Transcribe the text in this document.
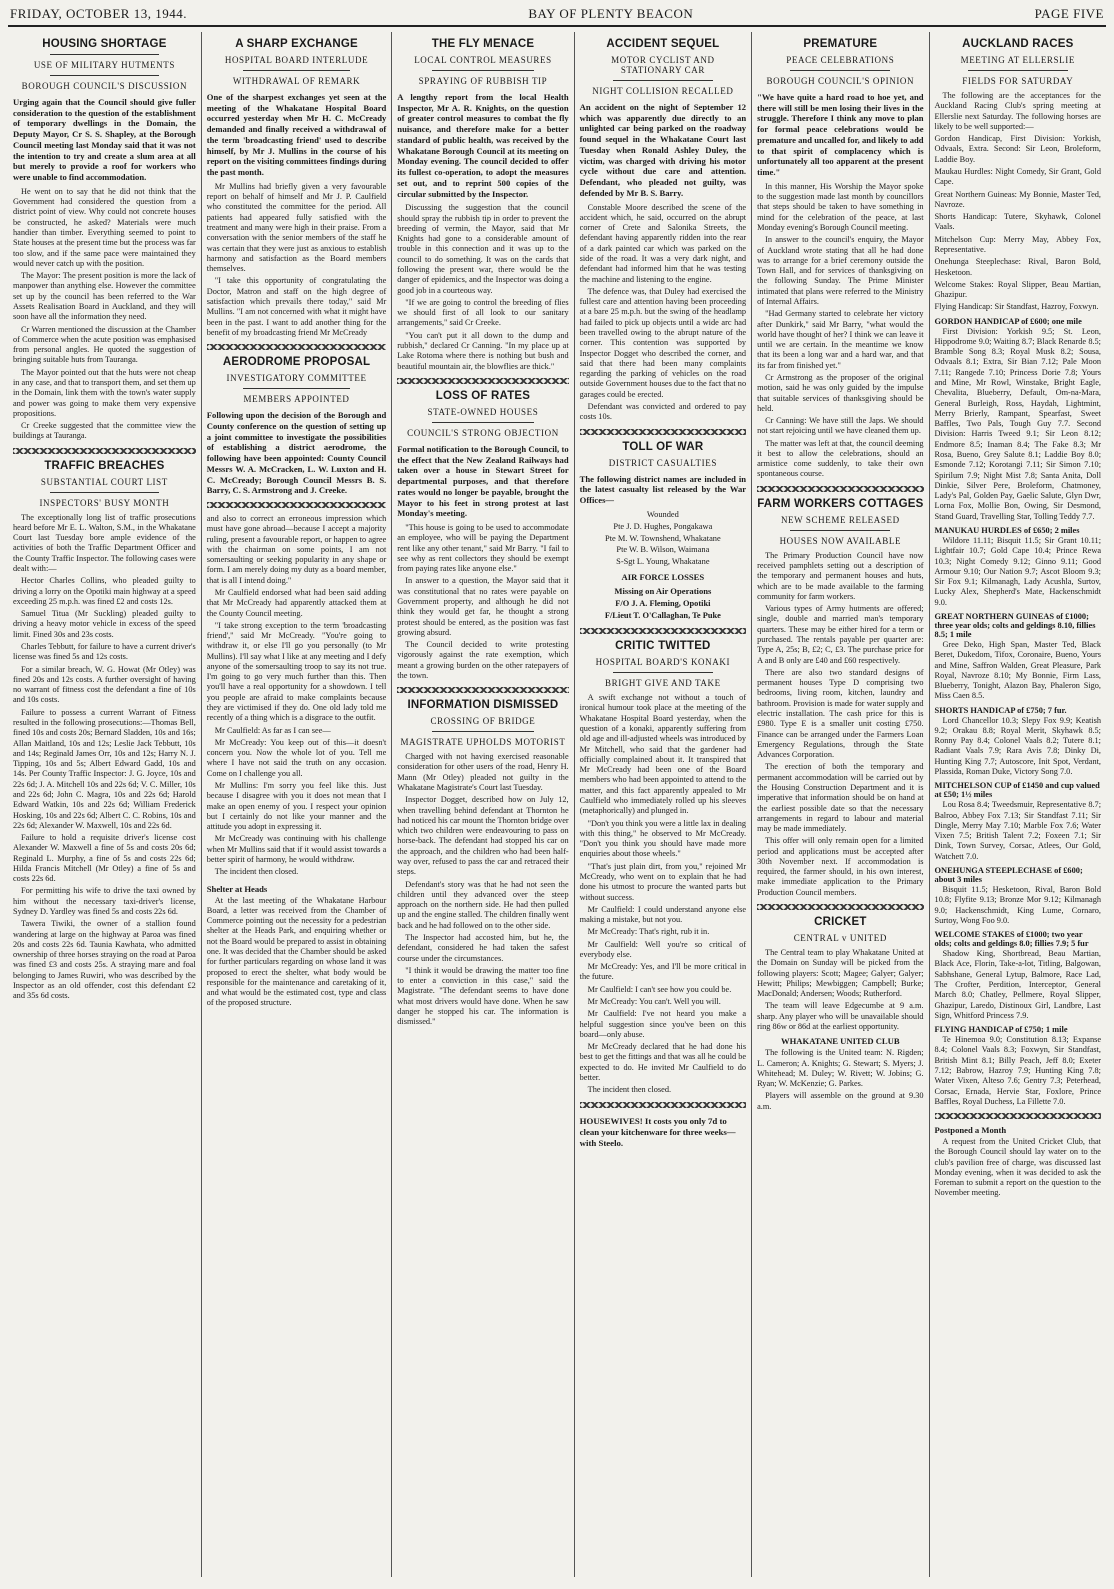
FRIDAY, OCTOBER 13, 1944.	BAY OF PLENTY BEACON	PAGE FIVE
HOUSING SHORTAGE
USE OF MILITARY HUTMENTS
BOROUGH COUNCIL'S DISCUSSION
Urging again that the Council should give fuller consideration to the question of the establishment of temporary dwellings in the Domain, the Deputy Mayor, Cr S. S. Shapley, at the Borough Council meeting last Monday said that it was not the intention to try and create a slum area at all but merely to provide a roof for workers who were unable to find accommodation.

He went on to say that he did not think that the Government had considered the question from a district point of view. Why could not concrete houses be constructed, he asked? Materials were much handier than timber. Everything seemed to point to State houses at the present time but the process was far too slow, and if the same pace were maintained they would never catch up with the position.

The Mayor: The present position is more the lack of manpower than anything else. However the committee set up by the council has been referred to the War Assets Realisation Board in Auckland, and they will soon have all the information they need.

Cr Warren mentioned the discussion at the Chamber of Commerce when the acute position was emphasised from personal angles. He quoted the suggestion of bringing suitable huts from Tauranga.

The Mayor pointed out that the huts were not cheap in any case, and that to transport them, and set them up in the Domain, link them with the town's water supply and power was going to make them very expensive propositions.

Cr Creeke suggested that the committee view the buildings at Tauranga.

TRAFFIC BREACHES
SUBSTANTIAL COURT LIST
INSPECTORS' BUSY MONTH

The exceptionally long list of traffic prosecutions heard before Mr E. L. Walton, S.M., in the Whakatane Court last Tuesday bore ample evidence of the activities of both the Traffic Department Officer and the County Traffic Inspector. The following cases were dealt with:—

Hector Charles Collins, who pleaded guilty to driving a lorry on the Opotiki main highway at a speed exceeding 25 m.p.h. was fined £2 and costs 12s.

Samuel Titua (Mr Suckling) pleaded guilty to driving a heavy motor vehicle in excess of the speed limit. Fined 30s and 23s costs.

Charles Tebbutt, for failure to have a current driver's license was fined 5s and 12s costs.

For a similar breach, W. G. Howat (Mr Otley) was fined 20s and 12s costs. A further oversight of having no warrant of fitness cost the defendant a fine of 10s and 10s costs.

Failure to possess a current Warrant of Fitness resulted in the following prosecutions:—Thomas Bell, fined 10s and costs 20s; Bernard Sladden, 10s and 16s; Allan Maitland, 10s and 12s; Leslie Jack Tebbutt, 10s and 14s; Reginald James Orr, 10s and 12s; Harry N. J. Tipping, 10s and 5s; Albert Edward Gadd, 10s and 14s. Per County Traffic Inspector: J. G. Joyce, 10s and 22s 6d; J. A. Mitchell 10s and 22s 6d; V. C. Miller, 10s and 22s 6d; John C. Magra, 10s and 22s 6d; Harold Edward Watkin, 10s and 22s 6d; William Frederick Hosking, 10s and 22s 6d; Albert C. C. Robins, 10s and 22s 6d; Alexander W. Maxwell, 10s and 22s 6d.

Failure to hold a requisite driver's license cost Alexander W. Maxwell a fine of 5s and costs 20s 6d; Reginald L. Murphy, a fine of 5s and costs 22s 6d; Hilda Francis Mitchell (Mr Otley) a fine of 5s and costs 22s 6d.

For permitting his wife to drive the taxi owned by him without the necessary taxi-driver's license, Sydney D. Yardley was fined 5s and costs 22s 6d.

Tawera Tiwiki, the owner of a stallion found wandering at large on the highway at Paroa was fined 20s and costs 22s 6d. Taunia Kawhata, who admitted ownership of three horses straying on the road at Paroa was fined £3 and costs 25s. A straying mare and foal belonging to James Ruwiri, who was described by the Inspector as an old offender, cost this defendant £2 and 35s 6d costs.

A SHARP EXCHANGE
HOSPITAL BOARD INTERLUDE
WITHDRAWAL OF REMARK
One of the sharpest exchanges yet seen at the meeting of the Whakatane Hospital Board occurred yesterday when Mr H. C. McCready demanded and finally received a withdrawal of the term 'broadcasting friend' used to describe himself, by Mr J. Mullins in the course of his report on the visiting committees findings during the past month.

Mr Mullins had briefly given a very favourable report on behalf of himself and Mr J. P. Caulfield who constituted the committee for the period. All patients had appeared fully satisfied with the treatment and many were high in their praise. From a conversation with the senior members of the staff he was certain that they were just as anxious to establish harmony and satisfaction as the Board members themselves.

"I take this opportunity of congratulating the Doctor, Matron and staff on the high degree of satisfaction which prevails there today," said Mr Mullins. "I am not concerned with what it might have been in the past. I want to add another thing for the benefit of my broadcasting friend Mr McCready

AERODROME PROPOSAL
INVESTIGATORY COMMITTEE
MEMBERS APPOINTED
Following upon the decision of the Borough and County conference on the question of setting up a joint committee to investigate the possibilities of establishing a district aerodrome, the following have been appointed: County Council Messrs W. A. McCracken, L. W. Luxton and H. C. McCready; Borough Council Messrs B. S. Barry, C. S. Armstrong and J. Creeke.

and also to correct an erroneous impression which must have gone abroad—because I accept a majority ruling, present a favourable report, or happen to agree with the chairman on some points, I am not somersaulting or seeking popularity in any shape or form. I am merely doing my duty as a board member, that is all I intend doing."

Mr Caulfield endorsed what had been said adding that Mr McCready had apparently attacked them at the County Council meeting.

"I take strong exception to the term 'broadcasting friend'," said Mr McCready. "You're going to withdraw it, or else I'll go you personally (to Mr Mullins). I'll say what I like at any meeting and I defy anyone of the somersaulting troop to say its not true. I'm going to go very much further than this. Then you'll have a real opportunity for a showdown. I tell you people are afraid to make complaints because they are victimised if they do. One old lady told me recently of a thing which is a disgrace to the outfit.

Mr Caulfield: As far as I can see—

Mr McCready: You keep out of this—it doesn't concern you. Now the whole lot of you. Tell me where I have not said the truth on any occasion. Come on I challenge you all.

Mr Mullins: I'm sorry you feel like this. Just because I disagree with you it does not mean that I make an open enemy of you. I respect your opinion but I certainly do not like your manner and the attitude you adopt in expressing it.

Mr McCready was continuing with his challenge when Mr Mullins said that if it would assist towards a better spirit of harmony, he would withdraw.

The incident then closed.

Shelter at Heads

At the last meeting of the Whakatane Harbour Board, a letter was received from the Chamber of Commerce pointing out the necessity for a pedestrian shelter at the Heads Park, and enquiring whether or not the Board would be prepared to assist in obtaining one. It was decided that the Chamber should be asked for further particulars regarding on whose land it was proposed to erect the shelter, what body would be responsible for the maintenance and caretaking of it, and what would be the estimated cost, type and class of the proposed structure.

THE FLY MENACE
LOCAL CONTROL MEASURES
SPRAYING OF RUBBISH TIP
A lengthy report from the local Health Inspector, Mr A. R. Knights, on the question of greater control measures to combat the fly nuisance, and therefore make for a better standard of public health, was received by the Whakatane Borough Council at its meeting on Monday evening. The council decided to offer its fullest co-operation, to adopt the measures set out, and to reprint 500 copies of the circular submitted by the Inspector.

Discussing the suggestion that the council should spray the rubbish tip in order to prevent the breeding of vermin, the Mayor, said that Mr Knights had gone to a considerable amount of trouble in this connection and it was up to the council to do something. It was on the cards that following the present war, there would be the danger of epidemics, and the Inspector was doing a good job in a courteous way.

"If we are going to control the breeding of flies we should first of all look to our sanitary arrangements," said Cr Creeke.

"You can't put it all down to the dump and rubbish," declared Cr Canning. "In my place up at Lake Rotoma where there is nothing but bush and beautiful mountain air, the blowflies are thick."

LOSS OF RATES
STATE-OWNED HOUSES
COUNCIL'S STRONG OBJECTION
Formal notification to the Borough Council, to the effect that the New Zealand Railways had taken over a house in Stewart Street for departmental purposes, and that therefore rates would no longer be payable, brought the Mayor to his feet in strong protest at last Monday's meeting.

"This house is going to be used to accommodate an employee, who will be paying the Department rent like any other tenant," said Mr Barry. "I fail to see why as rent collectors they should be exempt from paying rates like anyone else."

In answer to a question, the Mayor said that it was constitutional that no rates were payable on Government property, and although he did not think they would get far, he thought a strong protest should be entered, as the position was fast growing absurd.

The Council decided to write protesting vigorously against the rate exemption, which meant a growing burden on the other ratepayers of the town.

INFORMATION DISMISSED
CROSSING OF BRIDGE
MAGISTRATE UPHOLDS MOTORIST

Charged with not having exercised reasonable consideration for other users of the road, Henry H. Mann (Mr Otley) pleaded not guilty in the Whakatane Magistrate's Court last Tuesday.

Inspector Dogget, described how on July 12, when travelling behind defendant at Thornton he had noticed his car mount the Thornton bridge over which two children were endeavouring to pass on horse-back. The defendant had stopped his car on the approach, and the children who had been half-way over, refused to pass the car and retraced their steps.

Defendant's story was that he had not seen the children until they advanced over the steep approach on the northern side. He had then pulled up and the engine stalled. The children finally went back and he had followed on to the other side.

The Inspector had accosted him, but he, the defendant, considered he had taken the safest course under the circumstances.

"I think it would be drawing the matter too fine to enter a conviction in this case," said the Magistrate. "The defendant seems to have done what most drivers would have done. When he saw danger he stopped his car. The information is dismissed."

ACCIDENT SEQUEL
MOTOR CYCLIST AND STATIONARY CAR
NIGHT COLLISION RECALLED
An accident on the night of September 12 which was apparently due directly to an unlighted car being parked on the roadway found sequel in the Whakatane Court last Tuesday when Ronald Ashley Duley, the victim, was charged with driving his motor cycle without due care and attention. Defendant, who pleaded not guilty, was defended by Mr B. S. Barry.

Constable Moore described the scene of the accident which, he said, occurred on the abrupt corner of Crete and Salonika Streets, the defendant having apparently ridden into the rear of a dark painted car which was parked on the side of the road. It was a very dark night, and defendant had informed him that he was testing the machine and listening to the engine.

The defence was, that Duley had exercised the fullest care and attention having been proceeding at a bare 25 m.p.h. but the swing of the headlamp had failed to pick up objects until a wide arc had been travelled owing to the abrupt nature of the corner. This contention was supported by Inspector Dogget who described the corner, and said that there had been many complaints regarding the parking of vehicles on the road outside Government houses due to the fact that no garages could be erected.

Defendant was convicted and ordered to pay costs 10s.

TOLL OF WAR
DISTRICT CASUALTIES
The following district names are included in the latest casualty list released by the War Offices—
Wounded
Pte J. D. Hughes, Pongakawa
Pte M. W. Townshend, Whakatane
Pte W. B. Wilson, Waimana
S-Sgt L. Young, Whakatane
AIR FORCE LOSSES
Missing on Air Operations
F/O J. A. Fleming, Opotiki
F/Lieut T. O'Callaghan, Te Puke
CRITIC TWITTED
HOSPITAL BOARD'S KONAKI
BRIGHT GIVE AND TAKE

A swift exchange not without a touch of ironical humour took place at the meeting of the Whakatane Hospital Board yesterday, when the question of a konaki, apparently suffering from old age and ill-adjusted wheels was introduced by Mr Mitchell, who said that the gardener had officially complained about it. It transpired that Mr McCready had been one of the Board members who had been appointed to attend to the matter, and this fact apparently appealed to Mr Caulfield who immediately rolled up his sleeves (metaphorically) and plunged in.

"Don't you think you were a little lax in dealing with this thing," he observed to Mr McCready. "Don't you think you should have made more enquiries about those wheels."

"That's just plain dirt, from you," rejoined Mr McCready, who went on to explain that he had done his utmost to procure the wanted parts but without success.

Mr Caulfield: I could understand anyone else making a mistake, but not you.

Mr McCready: That's right, rub it in.

Mr Caulfield: Well you're so critical of everybody else.

Mr McCready: Yes, and I'll be more critical in the future.

Mr Caulfield: I can't see how you could be.

Mr McCready: You can't. Well you will.

Mr Caulfield: I've not heard you make a helpful suggestion since you've been on this board—only abuse.

Mr McCready declared that he had done his best to get the fittings and that was all he could be expected to do. He invited Mr Caulfield to do better.

The incident then closed.

HOUSEWIVES! It costs you only 7d to clean your kitchenware for three weeks—with Steelo.
PREMATURE
PEACE CELEBRATIONS
BOROUGH COUNCIL'S OPINION
"We have quite a hard road to hoe yet, and there will still be men losing their lives in the struggle. Therefore I think any move to plan for formal peace celebrations would be premature and uncalled for, and likely to add to that spirit of complacency which is unfortunately all too apparent at the present time."

In this manner, His Worship the Mayor spoke to the suggestion made last month by councillors that steps should be taken to have something in mind for the celebration of the peace, at last Monday evening's Borough Council meeting.

In answer to the council's enquiry, the Mayor of Auckland wrote stating that all he had done was to arrange for a brief ceremony outside the Town Hall, and for services of thanksgiving on the following Sunday. The Prime Minister intimated that plans were referred to the Ministry of Internal Affairs.

"Had Germany started to celebrate her victory after Dunkirk," said Mr Barry, "what would the world have thought of her? I think we can leave it until we are certain. In the meantime we know that its been a long war and a hard war, and that its far from finished yet."

Cr Armstrong as the proposer of the original motion, said he was only guided by the impulse that suitable services of thanksgiving should be held.

Cr Canning: We have still the Japs. We should not start rejoicing until we have cleaned them up.

The matter was left at that, the council deeming it best to allow the celebrations, should an armistice come suddenly, to take their own spontaneous course.

FARM WORKERS COTTAGES
NEW SCHEME RELEASED
HOUSES NOW AVAILABLE

The Primary Production Council have now received pamphlets setting out a description of the temporary and permanent houses and huts, which are to be made available to the farming community for farm workers.

Various types of Army hutments are offered; single, double and married man's temporary quarters. These may be either hired for a term or purchased. The rentals payable per quarter are: Type A, 25s; B, £2; C, £3. The purchase price for A and B only are £40 and £60 respectively.

There are also two standard designs of permanent houses Type D comprising two bedrooms, living room, kitchen, laundry and bathroom. Provision is made for water supply and electric installation. The cash price for this is £980. Type E is a smaller unit costing £750. Finance can be arranged under the Farmers Loan Emergency Regulations, through the State Advances Corporation.

The erection of both the temporary and permanent accommodation will be carried out by the Housing Construction Department and it is imperative that information should be on hand at the earliest possible date so that the necessary arrangements in regard to labour and material may be made immediately.

This offer will only remain open for a limited period and applications must be accepted after 30th November next. If accommodation is required, the farmer should, in his own interest, make immediate application to the Primary Production Council members.

CRICKET
CENTRAL v UNITED

The Central team to play Whakatane United at the Domain on Sunday will be picked from the following players: Scott; Magee; Galyer; Galyer; Hewitt; Philips; Mewbiggen; Campbell; Burke; MacDonald; Andersen; Woods; Rutherford.

The team will leave Edgecumbe at 9 a.m. sharp. Any player who will be unavailable should ring 86w or 86d at the earliest opportunity.

WHAKATANE UNITED CLUB

The following is the United team: N. Rigden; L. Cameron; A. Knights; G. Stewart; S. Myers; J. Whitehead; M. Duley; W. Rivett; W. Jobins; G. Ryan; W. McKenzie; G. Parkes.

Players will assemble on the ground at 9.30 a.m.

AUCKLAND RACES
MEETING AT ELLERSLIE
FIELDS FOR SATURDAY

The following are the acceptances for the Auckland Racing Club's spring meeting at Ellerslie next Saturday. The following horses are likely to be well supported:—

Gordon Handicap, First Division: Yorkish, Odvaals, Extra. Second: Sir Leon, Broleform, Laddie Boy.

Maukau Hurdles: Night Comedy, Sir Grant, Gold Cape.

Great Northern Guineas: My Bonnie, Master Ted, Navroze.

Shorts Handicap: Tutere, Skyhawk, Colonel Vaals.

Mitchelson Cup: Merry May, Abbey Fox, Representative.

Onehunga Steeplechase: Rival, Baron Bold, Hesketoon.

Welcome Stakes: Royal Slipper, Beau Martian, Ghazipur.

Flying Handicap: Sir Standfast, Hazroy, Foxwyn.

GORDON HANDICAP of £600; one mile

First Division: Yorkish 9.5; St. Leon, Hippodrome 9.0; Waiting 8.7; Black Renarde 8.5; Bramble Song 8.3; Royal Musk 8.2; Sousa, Odvaals 8.1; Extra, Sir Bian 7.12; Pale Moon 7.11; Rangede 7.10; Princess Dorie 7.8; Yours and Mine, Mr Rowl, Winstake, Bright Eagle, Chevalita, Blueberry, Default, Om-na-Mara, General Burleigh, Ross, Haydah, Lightmint, Merry Brierly, Rampant, Spearfast, Sweet Baffles, Two Pals, Tough Guy 7.7. Second Division: Harris Tweed 9.1; Sir Leon 8.12; Endmore 8.5; Inaman 8.4; The Fake 8.3; Mr Rosa, Bueno, Grey Salute 8.1; Laddie Boy 8.0; Esmonde 7.12; Korotangi 7.11; Sir Simon 7.10; Spirilum 7.9; Night Mist 7.8; Santa Anita, Doll Dinkie, Silver Pere, Broleform, Chatmoney, Lady's Pal, Golden Pay, Gaelic Salute, Glyn Dwr, Lorna Fox, Mollie Bon, Owing, Sir Desmond, Stand Guard, Travelling Star, Tolling Teddy 7.7.

MANUKAU HURDLES of £650; 2 miles

Wildore 11.11; Bisquit 11.5; Sir Grant 10.11; Lightfair 10.7; Gold Cape 10.4; Prince Rewa 10.3; Night Comedy 9.12; Ginno 9.11; Good Armour 9.10; Our Nation 9.7; Ascot Bloom 9.3; Sir Fox 9.1; Kilmanagh, Lady Acushla, Surtov, Lucky Alex, Shepherd's Mate, Hackenschmidt 9.0.

GREAT NORTHERN GUINEAS of £1000; three year olds; colts and geldings 8.10, fillies 8.5; 1 mile

Gree Deko, High Span, Master Ted, Black Beret, Dukedom, Tifox, Coronaire, Bueno, Yours and Mine, Saffron Walden, Great Pleasure, Park Royal, Navroze 8.10; My Bonnie, Firm Lass, Blueberry, Tonight, Alazon Bay, Phaleron Sigo, Miss Caen 8.5.

SHORTS HANDICAP of £750; 7 fur.

Lord Chancellor 10.3; Slepy Fox 9.9; Keatish 9.2; Orakau 8.8; Royal Merit, Skyhawk 8.5; Ronny Pay 8.4; Colonel Vaals 8.2; Tutere 8.1; Radiant Vaals 7.9; Rara Avis 7.8; Dinky Di, Hunting King 7.7; Autoscore, Init Spot, Verdant, Plassida, Roman Duke, Victory Song 7.0.

MITCHELSON CUP of £1450 and cup valued at £50; 1½ miles

Lou Rosa 8.4; Tweedsmuir, Representative 8.7; Balroo, Abbey Fox 7.13; Sir Standfast 7.11; Sir Dingle, Merry May 7.10; Marble Fox 7.6; Water Vixen 7.5; British Talent 7.2; Foxeen 7.1; Sir Dink, Town Survey, Corsac, Atlees, Our Gold, Watchett 7.0.

ONEHUNGA STEEPLECHASE of £600; about 3 miles

Bisquit 11.5; Hesketoon, Rival, Baron Bold 10.8; Flyfite 9.13; Bronze Mor 9.12; Kilmanagh 9.0; Hackenschmidt, King Lume, Cornaro, Surtoy, Wong Foo 9.0.

WELCOME STAKES of £1000; two year olds; colts and geldings 8.0; fillies 7.9; 5 fur

Shadow King, Shortbread, Beau Martian, Black Ace, Florin, Take-a-lot, Titling, Balgowan, Sabhshane, General Lytup, Balmore, Race Lad, The Crofter, Perdition, Interceptor, General March 8.0; Chatley, Pellmere, Royal Slipper, Ghazipur, Laredo, Distinoux Girl, Landbre, Last Sign, Whitford Princess 7.9.

FLYING HANDICAP of £750; 1 mile

Te Hinemoa 9.0; Constitution 8.13; Expanse 8.4; Colonel Vaals 8.3; Foxwyn, Sir Standfast, British Mint 8.1; Billy Peach, Jeff 8.0; Exeter 7.12; Babrow, Hazroy 7.9; Hunting King 7.8; Water Vixen, Alteso 7.6; Gentry 7.3; Peterhead, Corsac, Ernada, Hervie Star, Foxlore, Prince Baffles, Royal Duchess, La Fillette 7.0.

Postponed a Month

A request from the United Cricket Club, that the Borough Council should lay water on to the club's pavilion free of charge, was discussed last Monday evening, when it was decided to ask the Foreman to submit a report on the question to the November meeting.
